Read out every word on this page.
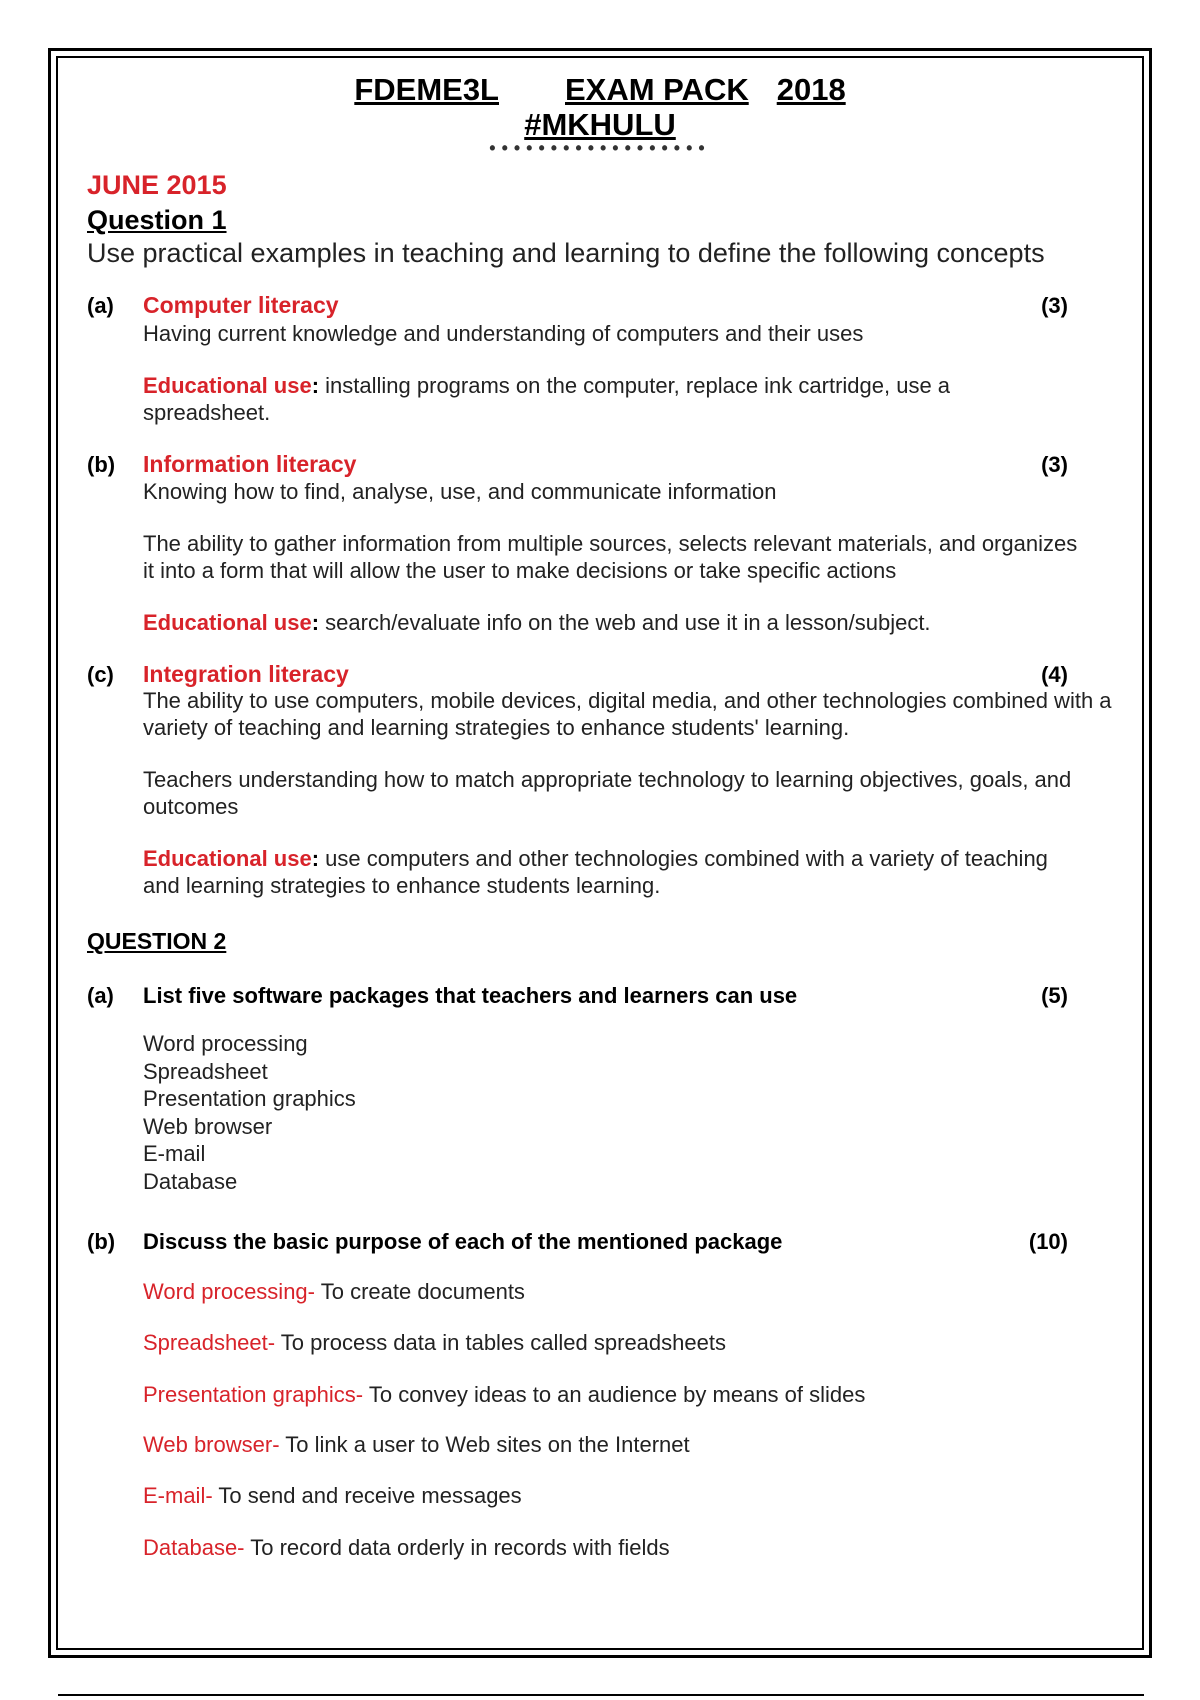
FDEME3L EXAM PACK 2018
#MKHULU
••••••••••••••••••
JUNE 2015
Question 1
Use practical examples in teaching and learning to define the following concepts
(a) Computer literacy	(3)
Having current knowledge and understanding of computers and their uses

Educational use: installing programs on the computer, replace ink cartridge, use a spreadsheet.

(b) Information literacy	(3)
Knowing how to find, analyse, use, and communicate information

The ability to gather information from multiple sources, selects relevant materials, and organizes it into a form that will allow the user to make decisions or take specific actions

Educational use: search/evaluate info on the web and use it in a lesson/subject.

(c) Integration literacy	(4)

The ability to use computers, mobile devices, digital media, and other technologies combined with a variety of teaching and learning strategies to enhance students' learning.

Teachers understanding how to match appropriate technology to learning objectives, goals, and outcomes

Educational use: use computers and other technologies combined with a variety of teaching and learning strategies to enhance students learning.

QUESTION 2
(a) List five software packages that teachers and learners can use	(5)
Word processing
Spreadsheet
Presentation graphics
Web browser
E-mail
Database
(b) Discuss the basic purpose of each of the mentioned package	(10)
Word processing- To create documents
Spreadsheet- To process data in tables called spreadsheets
Presentation graphics- To convey ideas to an audience by means of slides
Web browser- To link a user to Web sites on the Internet
E-mail- To send and receive messages
Database- To record data orderly in records with fields
